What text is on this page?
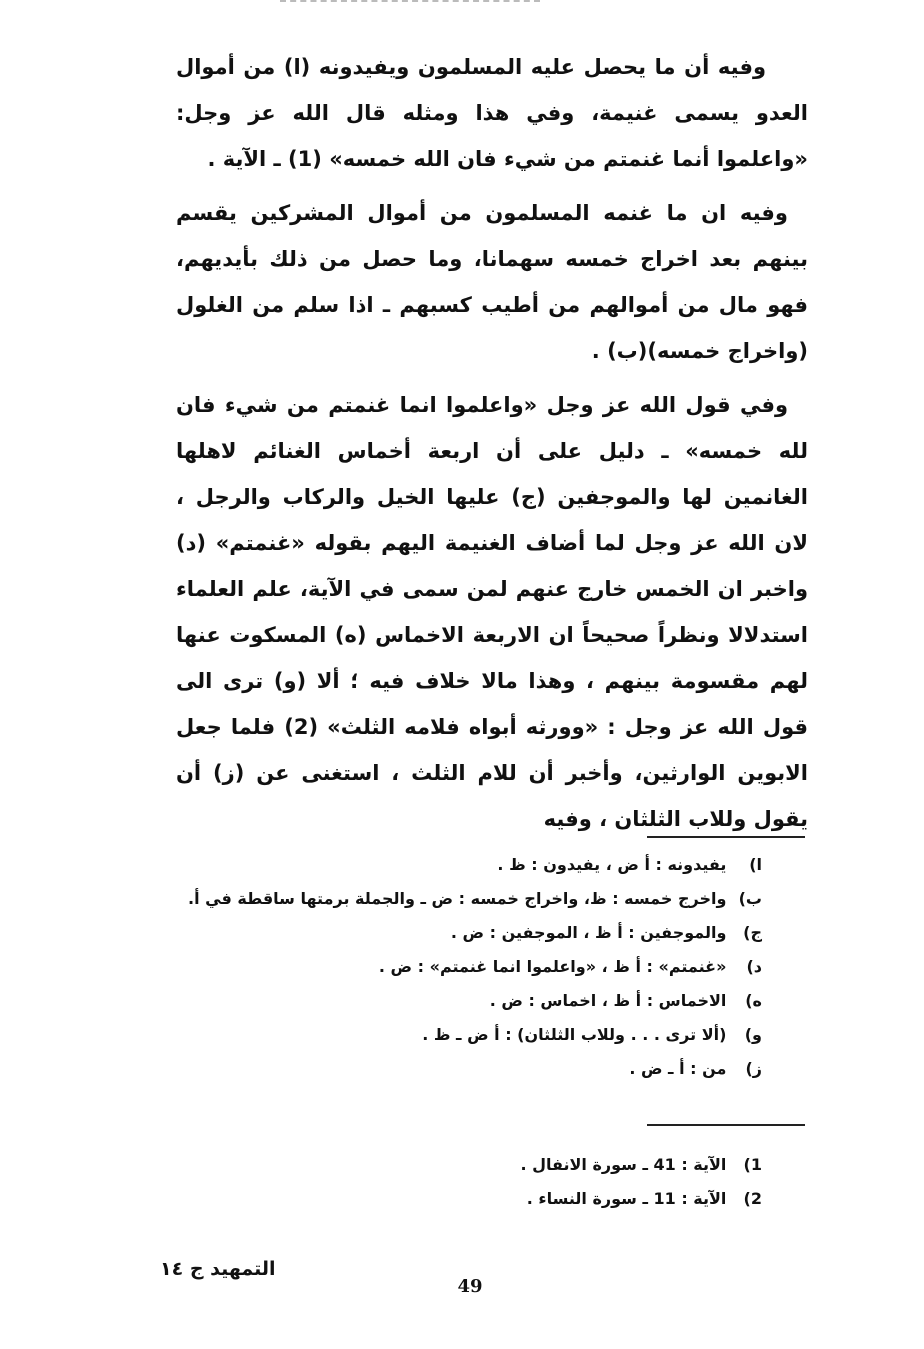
وفيه أن ما يحصل عليه المسلمون ويفيدونه (ا) من أموال العدو يسمى غنيمة، وفي هذا ومثله قال الله عز وجل: «واعلموا أنما غنمتم من شيء فان الله خمسه» (1) ـ الآية .

وفيه ان ما غنمه المسلمون من أموال المشركين يقسم بينهم بعد اخراج خمسه سهمانا، وما حصل من ذلك بأيديهم، فهو مال من أموالهم من أطيب كسبهم ـ اذا سلم من الغلول (واخراج خمسه)(ب) .

وفي قول الله عز وجل «واعلموا انما غنمتم من شيء فان لله خمسه» ـ دليل على أن اربعة أخماس الغنائم لاهلها الغانمين لها والموجفين (ج) عليها الخيل والركاب والرجل ، لان الله عز وجل لما أضاف الغنيمة اليهم بقوله «غنمتم» (د) واخبر ان الخمس خارج عنهم لمن سمى في الآية، علم العلماء استدلالا ونظراً صحيحاً ان الاربعة الاخماس (ه) المسكوت عنها لهم مقسومة بينهم ، وهذا مالا خلاف فيه ؛ ألا (و) ترى الى قول الله عز وجل : «وورثه أبواه فلامه الثلث» (2) فلما جعل الابوين الوارثين، وأخبر أن للام الثلث ، استغنى عن (ز) أن يقول وللاب الثلثان ، وفيه

ا) يفيدونه : أ ض ، يفيدون : ظ .
ب) واخرج خمسه : ظ، واخراج خمسه : ض ـ والجملة برمتها ساقطة في أ.
ج) والموجفين : أ ظ ، الموجفين : ض .
د) «غنمتم» : أ ظ ، «واعلموا انما غنمتم» : ض .
ه) الاخماس : أ ظ ، اخماس : ض .
و) (ألا ترى . . . وللاب الثلثان) : أ ض ـ ظ .
ز) من : أ ـ ض .
1) الآية : 41 ـ سورة الانفال .
2) الآية : 11 ـ سورة النساء .
التمهيد ج ١٤
49
